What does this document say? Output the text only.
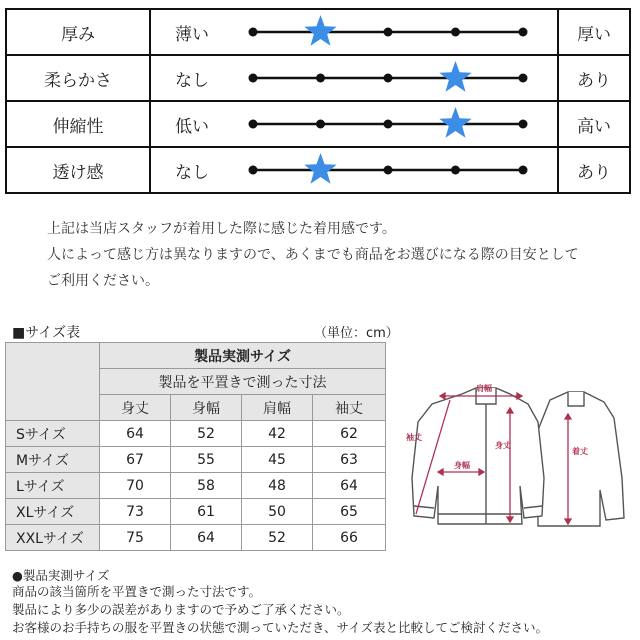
厚み	薄い		厚い
柔らかさ	なし		あり
伸縮性	低い		高い
透け感	なし		あり
上記は当店スタッフが着用した際に感じた着用感です。
人によって感じ方は異なりますので、あくまでも商品をお選びになる際の目安として
ご利用ください。
■サイズ表	（単位：cm）
	製品実測サイズ			
	製品を平置きで測った寸法			
	身丈	身幅	肩幅	袖丈
Sサイズ	64	52	42	62
Mサイズ	67	55	45	63
Lサイズ	70	58	48	64
XLサイズ	73	61	50	65
XXLサイズ	75	64	52	66
肩幅
袖丈
身丈
身幅
着丈
●製品実測サイズ
商品の該当箇所を平置きで測った寸法です。
製品により多少の誤差がありますので予めご了承ください。
お客様のお手持ちの服を平置きの状態で測っていただき、サイズ表と比較してご検討ください。
